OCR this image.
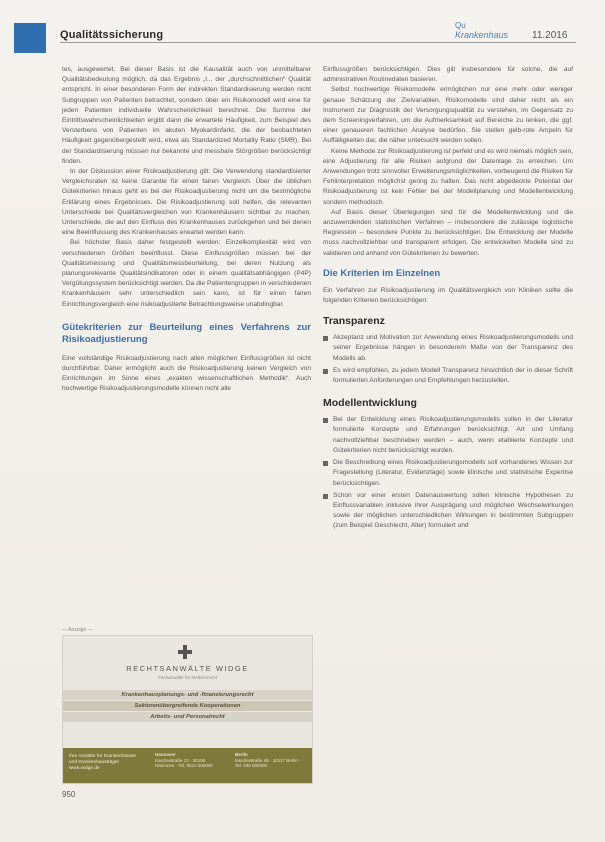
Qualitätssicherung
Qu
Krankenhaus	11.2016

tes, ausgewertet. Bei dieser Basis ist die Kausalität auch von unmittelbarer Qualitätsbedeutung möglich, da das Ergebnis „l... der „durchschnittlichen“ Qualität entspricht. In einer besonderen Form der indirekten Standardisierung werden nicht Subgruppen von Patienten betrachtet, sondern über ein Risikomodell wird eine für jeden Patienten individuelle Wahrscheinlichkeit berechnet. Die Summe der Eintrittswahrscheinlichkeiten ergibt dann die erwartete Häufigkeit, zum Beispiel des Versterbens von Patienten im akuten Myokardinfarkt, die der beobachteten Häufigkeit gegenübergestellt wird, etwa als Standardized Mortality Ratio (SMR). Bei der Standardisierung müssen nur bekannte und messbare Störgrößen berücksichtigt finden.

In der Diskussion einer Risikoadjustierung gilt: Die Verwendung standardisierter Vergleichsraten ist keine Garantie für einen fairen Vergleich. Über die üblichen Gütekriterien hinaus geht es bei der Risikoadjustierung nicht um die bestmögliche Erklärung eines Ergebnisses. Die Risikoadjustierung soll helfen, die relevanten Unterschiede bei Qualitätsvergleichen von Krankenhäusern sichtbar zu machen. Unterschiede, die auf den Einfluss des Krankenhauses zurückgehen und bei denen eine Beeinflussung des Krankenhauses erwartet werden kann.

Bei höchster Basis daher festgestellt werden: Einzelkomplexität wird von verschiedenen Größen beeinflusst. Diese Einflussgrößen müssen bei der Qualitätsmessung und Qualitätsmessbeurteilung, bei deren Nutzung als planungsrelevante Qualitätsindikatoren oder in einem qualitätsabhängigen (P4P) Vergütungssystem berücksichtigt werden. Da die Patientengruppen in verschiedenen Krankenhäusern sehr unterschiedlich sein kann, ist für einen fairen Einrichtungsvergleich eine risikoadjustierte Betrachtungsweise unabdingbar.

Gütekriterien zur Beurteilung eines Verfahrens zur Risikoadjustierung

Eine vollständige Risikoadjustierung nach allen möglichen Einflussgrößen ist nicht durchführbar. Daher ermöglicht auch die Risikoadjustierung keinen Vergleich von Einrichtungen im Sinne eines „exakten wissenschaftlichen Methodik“. Auch hochwertige Risikoadjustierungsmodelle können nicht alle

— Anzeige —
RECHTSANWÄLTE WIDGE
Fachanwälte für Medizinrecht
Krankenhausplanungs- und -finanzierungsrecht
Sektorenübergreifende Kooperationen
Arbeits- und Personalrecht
Ihre Anwälte für Krankenhäuser und Krankenhausträger
www.widge.de
Hannover
Kanzleistraße 12 · 30159 Hannover · Tel. 0511 000000
Berlin
Kanzleistraße 45 · 10117 Berlin · Tel. 030 000000

Einflussgrößen berücksichtigen. Dies gilt insbesondere für solche, die auf administrativen Routinedaten basieren.

Selbst hochwertige Risikomodelle ermöglichen nur eine mehr oder weniger genaue Schätzung der Zielvariablen. Risikomodelle sind daher nicht als ein Instrument zur Diagnostik der Versorgungsqualität zu verstehen, im Gegensatz zu dem Screeningverfahren, um die Aufmerksamkeit auf Bereiche zu lenken, die ggf. einer genaueren fachlichen Analyse bedürfen. Sie stellen gelb-rote Ampeln für Auffälligkeiten dar, die näher untersucht werden sollen.

Keine Methode zur Risikoadjustierung ist perfekt und es wird niemals möglich sein, eine Adjustierung für alle Risiken aufgrund der Datenlage zu erreichen. Um Anwendungen trotz sinnvoller Erweiterungsmöglichkeiten, vorbeugend die Risiken für Fehlinterpretation möglichst gering zu halten. Das nicht abgedeckte Potential der Risikoadjustierung ist kein Fehler bei der Modellplanung und Modellentwicklung sondern methodisch.

Auf Basis dieser Überlegungen sind für die Modellentwicklung und die anzuwendenden statistischen Verfahren – insbesondere die zulässige logistische Regression – besondere Punkte zu berücksichtigen. Die Entwicklung der Modelle muss nachvollziehbar und transparent erfolgen. Die entwickelten Modelle sind zu validieren und anhand von Gütekriterien zu bewerten.

Die Kriterien im Einzelnen

Ein Verfahren zur Risikoadjustierung im Qualitätsvergleich von Kliniken sollte die folgenden Kriterien berücksichtigen:

Transparenz
Akzeptanz und Motivation zur Anwendung eines Risikoadjustierungsmodells und seiner Ergebnisse hängen in besonderem Maße von der Transparenz des Modells ab.
Es wird empfohlen, zu jedem Modell Transparenz hinsichtlich der in dieser Schrift formulierten Anforderungen und Empfehlungen herzustellen.
Modellentwicklung
Bei der Entwicklung eines Risikoadjustierungsmodells sollen in der Literatur formulierte Konzepte und Erfahrungen berücksichtigt. Art und Umfang nachvollziehbar beschrieben werden – auch, wenn etablierte Konzepte und Gütekriterien nicht berücksichtigt wurden.
Die Beschreibung eines Risikoadjustierungsmodells soll vorhandenes Wissen zur Fragestellung (Literatur, Evidenzlage) sowie klinische und statistische Expertise berücksichtigen.
Schon vor einer ersten Datenauswertung sollen klinische Hypothesen zu Einflussvariablen inklusive ihrer Ausprägung und möglichen Wechselwirkungen sowie der möglichen unterschiedlichen Wirkungen in bestimmten Subgruppen (zum Beispiel Geschlecht, Alter) formuliert und
950
